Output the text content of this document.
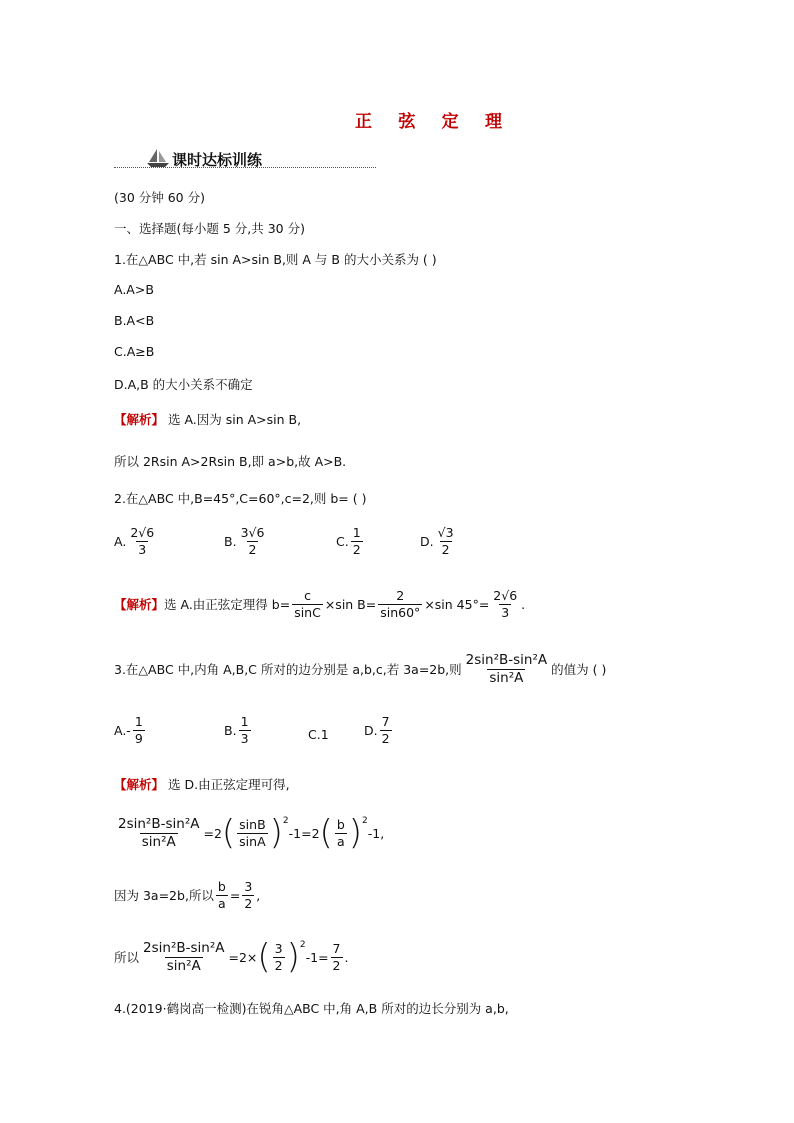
正 弦 定 理
课时达标训练
(30 分钟 60 分)
一、选择题(每小题 5 分,共 30 分)
1.在△ABC 中,若 sin A>sin B,则 A 与 B 的大小关系为 ( )
A.A>B
B.A<B
C.A≥B
D.A,B 的大小关系不确定
【解析】 选 A.因为 sin A>sin B,
所以 2Rsin A>2Rsin B,即 a>b,故 A>B.
2.在△ABC 中,B=45°,C=60°,c=2,则 b= ( )
A. $\frac{2√6}{3}$	B. $\frac{3√6}{2}$	C. $\frac{1}{2}$	D. $\frac{√3}{2}$
【解析】 选 A.由正弦定理得 $b= \frac{c}{\sin C} \times\sin$ $B= \frac{2}{\sin 60^\circ} \times\sin$ $45^\circ= \frac{2√6}{3}$ .
3.在△ABC 中,内角 A,B,C 所对的边分别是 a,b,c,若 3a=2b,则 $\frac{\text{2sin²B-sin²A}}{\text{sin²A}}$ 的值为 ( )
$A.- \frac{1}{9}$	B. $\frac{1}{3}$	C.1	D. $\frac{7}{2}$
【解析】 选 D.由正弦定理可得,
$\frac{\text{2sin²B-sin²A}}{\text{sin²A}} =2$ ( $\frac{\sin B}{\sin A} )^2$
-1=2 ( $\frac{b}{a} )^2$
-1,
因为 3a=2b,所以 $\frac{b}{a} = \frac{3}{2}$ ,
所以 $\frac{\text{2sin²B-sin²A}}{\text{sin²A}} =2\times$ ( $\frac{3}{2} )^2$
$-1= \frac{7}{2}$ .
4.(2019·鹤岗高一检测)在锐角△ABC 中,角 A,B 所对的边长分别为 a,b,
